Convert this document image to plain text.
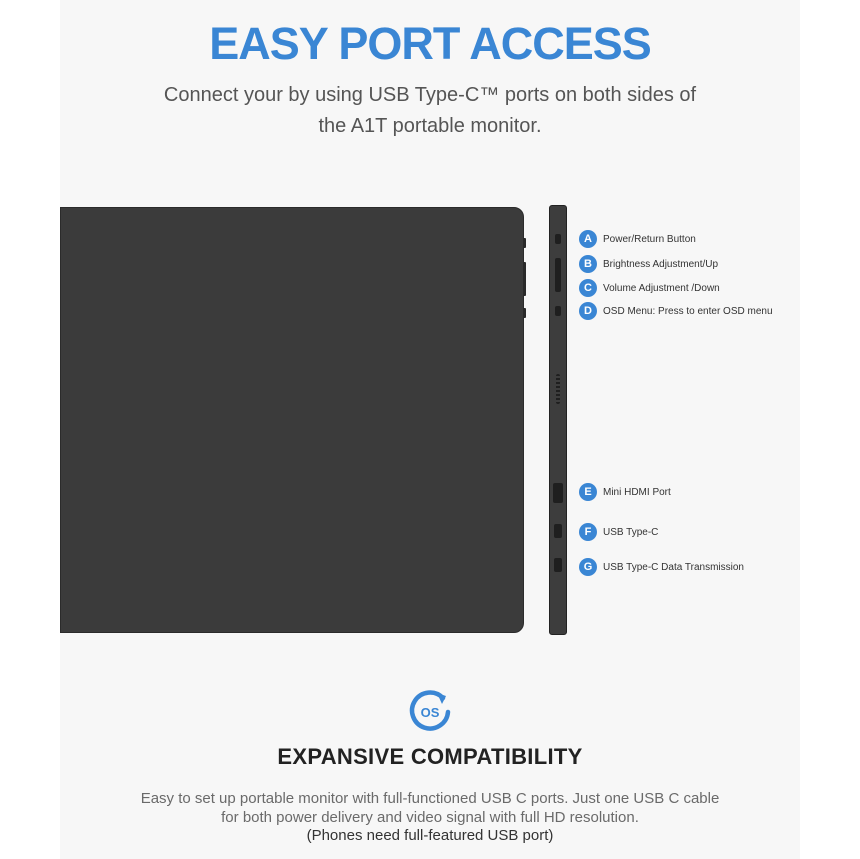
EASY PORT ACCESS
Connect your by using USB Type-C™ ports on both sides of the A1T portable monitor.
A	Power/Return Button
B	Brightness Adjustment/Up
C	Volume Adjustment /Down
D	OSD Menu: Press to enter OSD menu
E	Mini HDMI Port
F	USB Type-C
G	USB Type-C Data Transmission
OS
EXPANSIVE COMPATIBILITY
Easy to set up portable monitor with full-functioned USB C ports. Just one USB C cable for both power delivery and video signal with full HD resolution.
(Phones need full-featured USB port)
